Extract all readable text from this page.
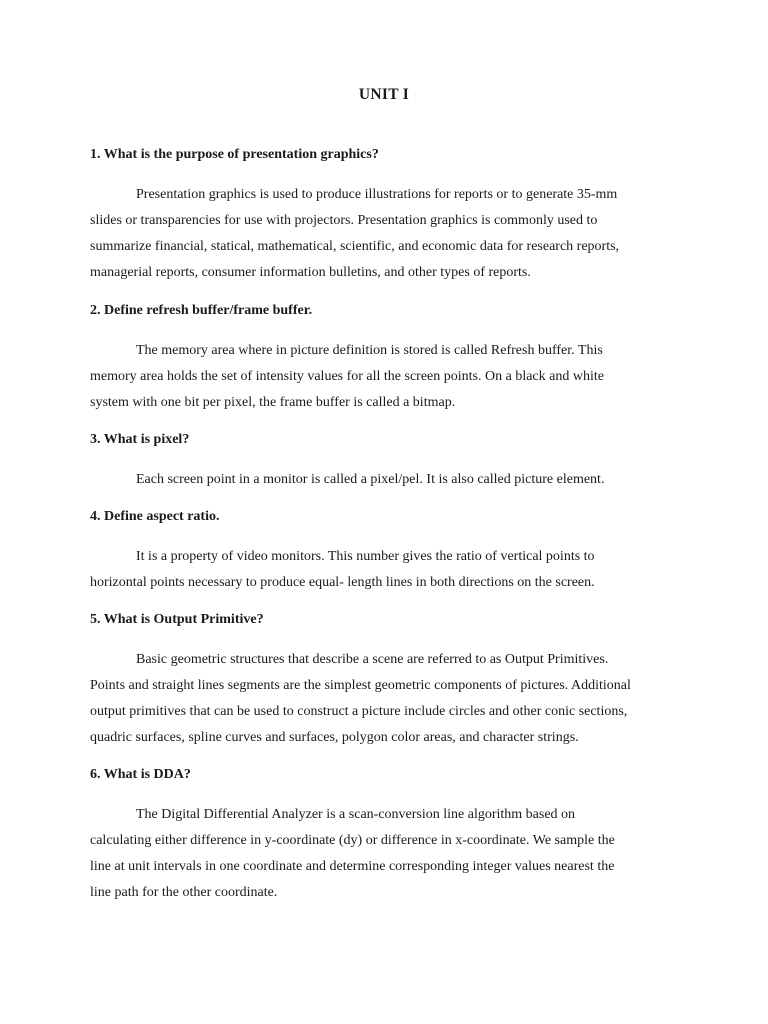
UNIT I
1. What is the purpose of presentation graphics?
Presentation graphics is used to produce illustrations for reports or to generate 35-mm
slides or transparencies for use with projectors. Presentation graphics is commonly used to
summarize financial, statical, mathematical, scientific, and economic data for research reports,
managerial reports, consumer information bulletins, and other types of reports.
2. Define refresh buffer/frame buffer.
The memory area where in picture definition is stored is called Refresh buffer. This
memory area holds the set of intensity values for all the screen points. On a black and white
system with one bit per pixel, the frame buffer is called a bitmap.
3. What is pixel?
Each screen point in a monitor is called a pixel/pel. It is also called picture element.
4. Define aspect ratio.
It is a property of video monitors. This number gives the ratio of vertical points to
horizontal points necessary to produce equal- length lines in both directions on the screen.
5. What is Output Primitive?
Basic geometric structures that describe a scene are referred to as Output Primitives.
Points and straight lines segments are the simplest geometric components of pictures. Additional
output primitives that can be used to construct a picture include circles and other conic sections,
quadric surfaces, spline curves and surfaces, polygon color areas, and character strings.
6. What is DDA?
The Digital Differential Analyzer is a scan-conversion line algorithm based on
calculating either difference in y-coordinate (dy) or difference in x-coordinate. We sample the
line at unit intervals in one coordinate and determine corresponding integer values nearest the
line path for the other coordinate.
